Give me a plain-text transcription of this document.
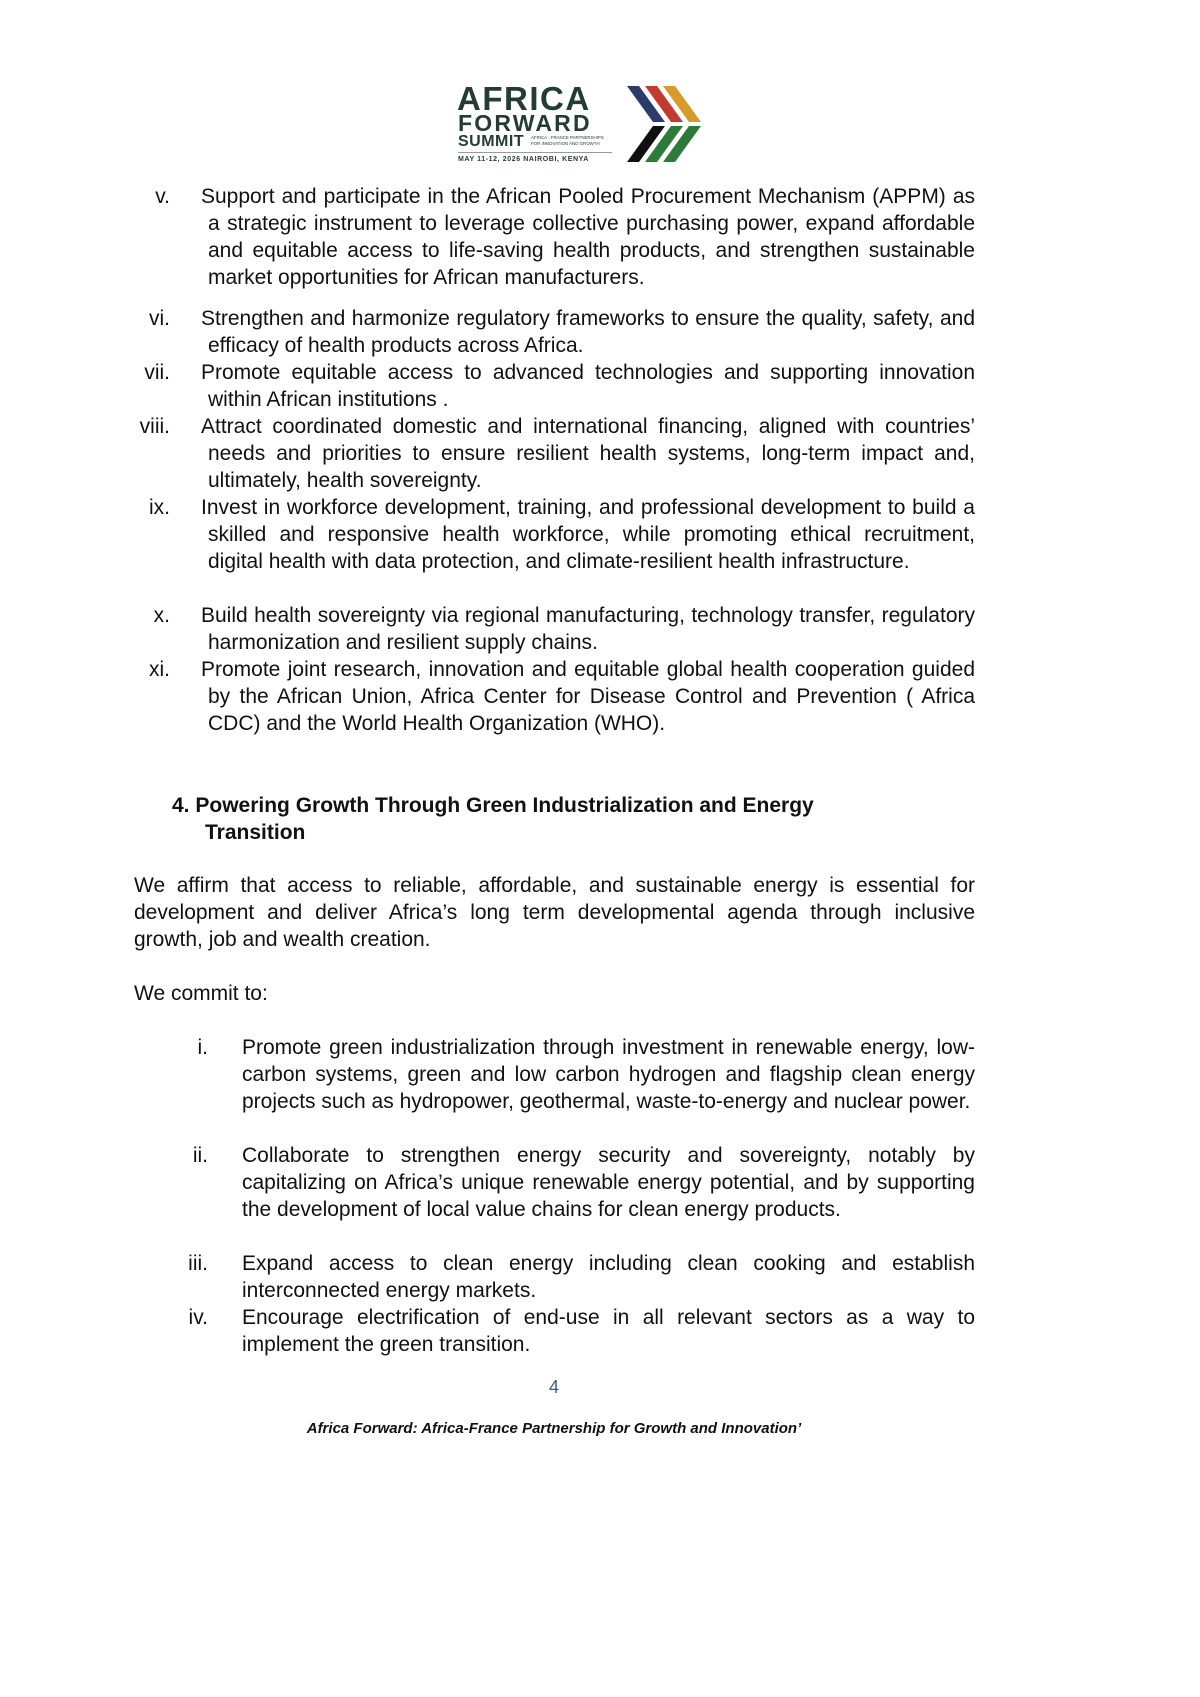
AFRICA
FORWARD
SUMMIT AFRICA - FRANCE PARTNERSHIPS
FOR INNOVATION AND GROWTH
MAY 11-12, 2026 NAIROBI, KENYA
v. Support and participate in the African Pooled Procurement Mechanism (APPM) as a strategic instrument to leverage collective purchasing power, expand affordable and equitable access to life-saving health products, and strengthen sustainable market opportunities for African manufacturers.
vi. Strengthen and harmonize regulatory frameworks to ensure the quality, safety, and efficacy of health products across Africa.
vii. Promote equitable access to advanced technologies and supporting innovation within African institutions .
viii. Attract coordinated domestic and international financing, aligned with countries’ needs and priorities to ensure resilient health systems, long-term impact and, ultimately, health sovereignty.
ix. Invest in workforce development, training, and professional development to build a skilled and responsive health workforce, while promoting ethical recruitment, digital health with data protection, and climate-resilient health infrastructure.
x. Build health sovereignty via regional manufacturing, technology transfer, regulatory harmonization and resilient supply chains.
xi. Promote joint research, innovation and equitable global health cooperation guided by the African Union, Africa Center for Disease Control and Prevention ( Africa CDC) and the World Health Organization (WHO).
4. Powering Growth Through Green Industrialization and Energy
Transition

We affirm that access to reliable, affordable, and sustainable energy is essential for development and deliver Africa’s long term developmental agenda through inclusive growth, job and wealth creation.

We commit to:

i. Promote green industrialization through investment in renewable energy, low-carbon systems, green and low carbon hydrogen and flagship clean energy projects such as hydropower, geothermal, waste-to-energy and nuclear power.
ii. Collaborate to strengthen energy security and sovereignty, notably by capitalizing on Africa’s unique renewable energy potential, and by supporting the development of local value chains for clean energy products.
iii. Expand access to clean energy including clean cooking and establish interconnected energy markets.
iv. Encourage electrification of end-use in all relevant sectors as a way to implement the green transition.
4
Africa Forward: Africa-France Partnership for Growth and Innovation’
